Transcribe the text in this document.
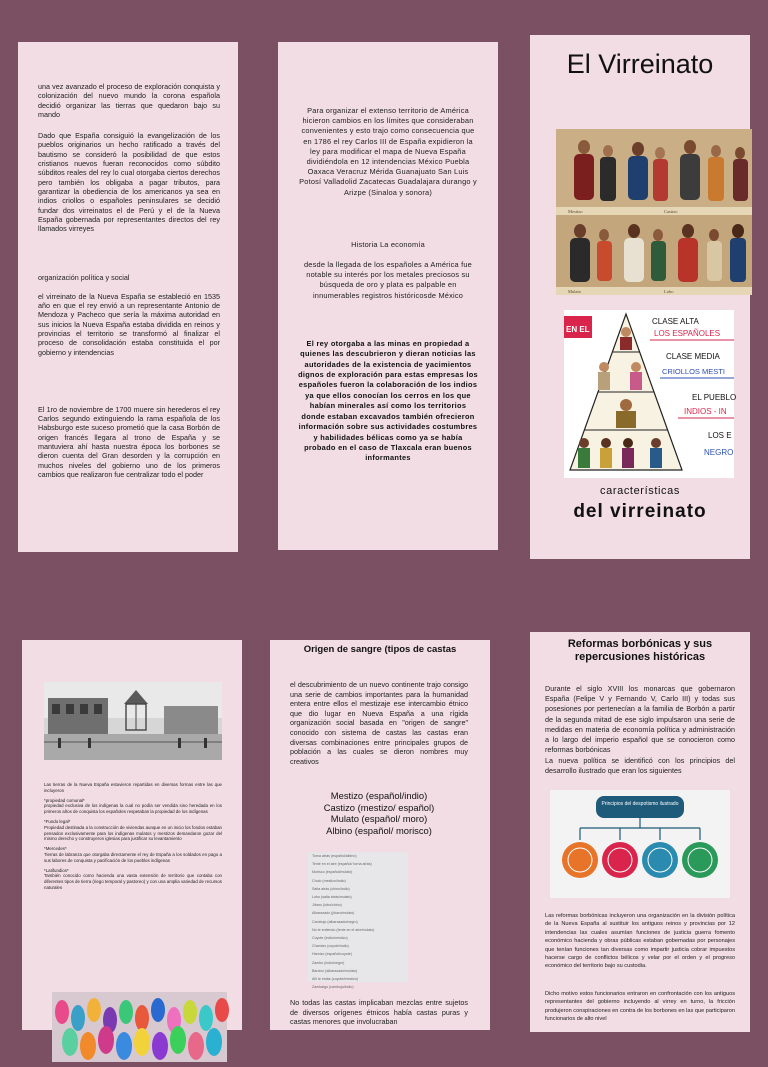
una vez avanzado el proceso de exploración conquista y colonización del nuevo mundo la corona española decidió organizar las tierras que quedaron bajo su mando

Dado que España consiguió la evangelización de los pueblos originarios un hecho ratificado a través del bautismo se consideró la posibilidad de que estos cristianos nuevos fueran reconocidos como súbdito súbditos reales del rey lo cual otorgaba ciertos derechos pero también los obligaba a pagar tributos, para garantizar la obediencia de los americanos ya sea en indios criollos o españoles peninsulares se decidió fundar dos virreinatos el de Perú y el de la Nueva España gobernada por representantes directos del rey llamados virreyes

organización política y social

el virreinato de la Nueva España se estableció en 1535 año en que el rey envió a un representante Antonio de Mendoza y Pacheco que sería la máxima autoridad en sus inicios la Nueva España estaba dividida en reinos y provincias el territorio se transformó al finalizar el proceso de consolidación estaba constituida el por gobierno y intendencias

El 1ro de noviembre de 1700 muere sin herederos el rey Carlos segundo extinguiendo la rama española de los Habsburgo este suceso prometió que la casa Borbón de origen francés llegara al trono de España y se mantuviera ahí hasta nuestra época los borbones se dieron cuenta del Gran desorden y la corrupción en muchos niveles del gobierno uno de los primeros cambios que realizaron fue centralizar todo el poder

Para organizar el extenso territorio de América hicieron cambios en los límites que consideraban convenientes y esto trajo como consecuencia que en 1786 el rey Carlos III de España expidieron la ley para modificar el mapa de Nueva España dividiéndola en 12 intendencias México Puebla Oaxaca Veracruz Mérida Guanajuato San Luis Potosí Valladolid Zacatecas Guadalajara durango y Arizpe (Sinaloa y sonora)

Historia La economía

desde la llegada de los españoles a América fue notable su interés por los metales preciosos su búsqueda de oro y plata es palpable en innumerables registros históricosde México

El rey otorgaba a las minas en propiedad a quienes las descubrieron y dieran noticias las autoridades de la existencia de yacimientos dignos de exploración para estas empresas los españoles fueron la colaboración de los indios ya que ellos conocían los cerros en los que habían minerales así como los territorios donde estaban excavados también ofrecieron información sobre sus actividades costumbres y habilidades bélicas como ya se había probado en el caso de Tlaxcala eran buenos informantes

El Virreinato
Mestizo	Castizo
Mulato	Lobo
EN EL
CLASE ALTA
LOS ESPAÑOLES
CLASE MEDIA
CRIOLLOS MESTI
EL PUEBLO
INDIOS - IN
LOS E
NEGRO
características
del virreinato

Las tierras de la Nueva España estuvieron repartidas en diversas formas entre las que incluyeron

*propiedad comunal*

propiedad exclusiva de los indígenas la cual no podía ser vendida sino heredada en los primeros años de conquista los españoles respetaban la propiedad de los indígenas

*Fundo legal*

Propiedad destinada a la construcción de viviendas aunque en un inicio los fondos estaban pensados exclusivamente para los indígenas mulatos y mestizos demandaron gozar del mismo derecho y construyeron iglesias para justificar su levantamiento

*Mercedes*

Tierras de labranza que otorgaba directamente el rey de España a los soldados en pago a sus labores de conquista y pacificación de los pueblos indígenas

*Latifundios*

También conocido como hacienda una vasta extensión de territorio que contaba con diferentes tipos de tierra (riego temporal y pastoreo) y con una amplia variedad de recursos naturales

Origen de sangre (tipos de castas

el descubrimiento de un nuevo continente trajo consigo una serie de cambios importantes para la humanidad entera entre ellos el mestizaje ese intercambio étnico que dio lugar en Nueva España a una rígida organización social basada en "origen de sangre" conocido con sistema de castas las castas eran diversas combinaciones entre principales grupos de población a las cuales se dieron nombres muy creativos

Mestizo (español/indio)
Castizo (mestizo/ español)
Mulato (español/ moro)
Albino (español/ morisco)
Torna atrás (español/albino)
Tente en el aire (español/ torna atrás)
Morisco (español/mulato)
Cholo (mestizo/indio)
Salta atrás (chino/indio)
Lobo (salta atrás/mulato)
Jíbaro (lobo/chino)
Albarazado (jíbaro/mulato)
Cambujo (albarazado/negro)
No te entiendo (tente en el aire/mulato)
Coyote (indio/mestizo)
Chamizo (coyote/indio)
Harnizo (español/coyote)
Zambo (indio/negro)
Barcino (albarazado/mulato)
Allí te estás (coyote/mestizo)
Zambaigo (cambujo/indio)

No todas las castas implicaban mezclas entre sujetos de diversos orígenes étnicos había castas puras y castas menores que involucraban

Reformas borbónicas y sus repercusiones históricas

Durante el siglo XVIII los monarcas que gobernaron España (Felipe V y Fernando V, Carlo III) y todas sus posesiones por pertenecían a la familia de Borbón a partir de la segunda mitad de ese siglo impulsaron una serie de medidas en materia de economía política y administración a lo largo del imperio español que se conocieron como reformas borbónicas

La nueva política se identificó con los principios del desarrollo ilustrado que eran los siguientes

Principios del despotismo ilustrado

Las reformas borbónicas incluyeron una organización en la división política de la Nueva España al sustituir los antiguos reinos y provincias por 12 intendencias las cuales asumían funciones de justicia guerra fomento económico hacienda y obras públicas estaban gobernadas por personajes que tenían funciones tan diversas como impartir justicia cobrar impuestos hacerse cargo de conflictos bélicos y velar por el orden y el progreso económico del territorio bajo su custodia.

Dicho motivo estos funcionarios entraron en confrontación con los antiguos representantes del gobierno incluyendo al virrey en turno, la fricción produjeron conspiraciones en contra de los borbones en las que participaron funcionarios de alto nivel
